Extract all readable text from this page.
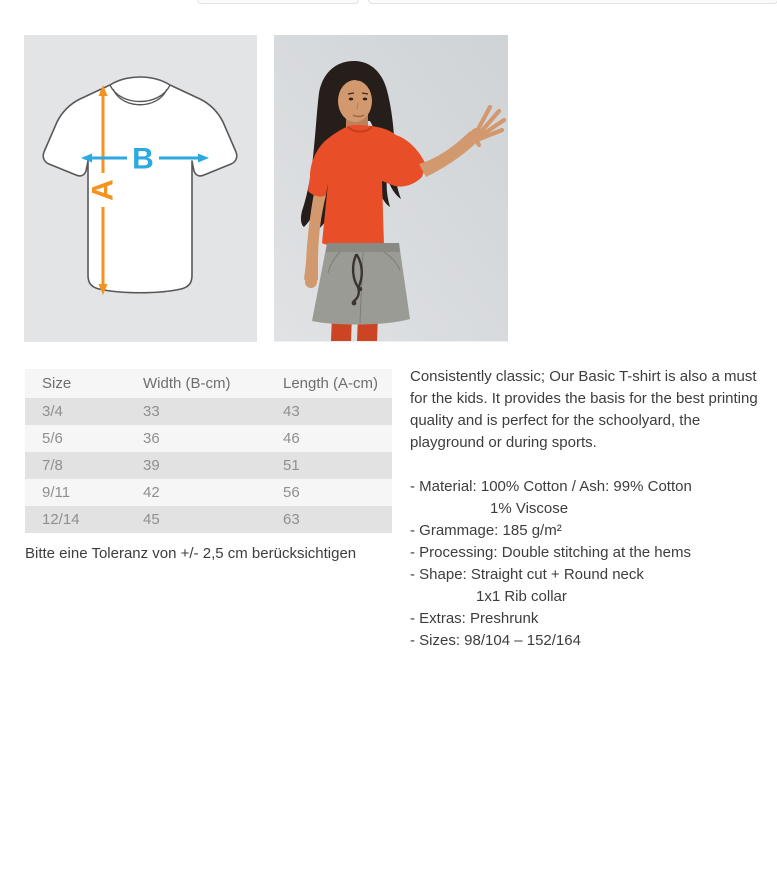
A
B
Size	Width (B-cm)	Length (A-cm)
3/4	33	43
5/6	36	46
7/8	39	51
9/11	42	56
12/14	45	63
Bitte eine Toleranz von +/- 2,5 cm berücksichtigen
Consistently classic; Our Basic T-shirt is also a must for the kids. It provides the basis for the best printing quality and is perfect for the schoolyard, the playground or during sports.
- Material: 100% Cotton / Ash: 99% Cotton
1% Viscose
- Grammage: 185 g/m²
- Processing: Double stitching at the hems
- Shape: Straight cut + Round neck
1x1 Rib collar
- Extras: Preshrunk
- Sizes: 98/104 – 152/164
